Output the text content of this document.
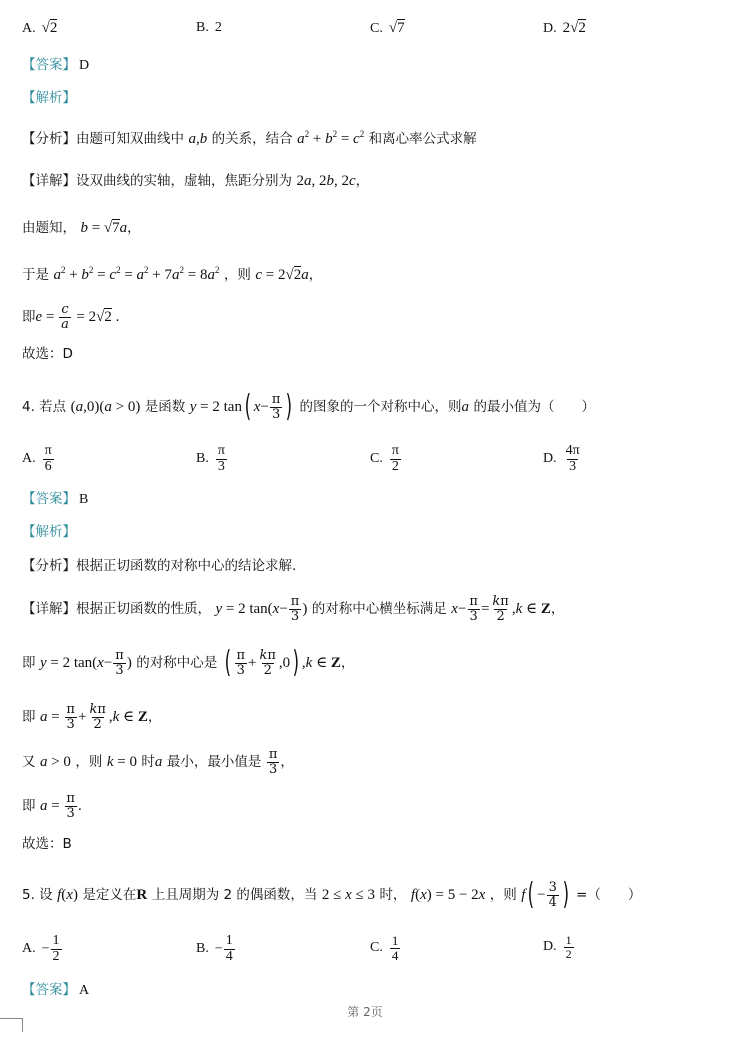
A. √2	B. 2	C. √7	D. 2√2
【答案】 D
【解析】
【分析】由题可知双曲线中 a,b 的关系，结合 $a^2 + b^2 = c^2$ 和离心率公式求解
【详解】设双曲线的实轴，虚轴，焦距分别为 2a, 2b, 2c，
由题知， b = √7a，
于是 $a^2 + b^2 = c^2 = a^2 + 7a^2 = 8a^2$ ，则 c = 2√2a，
即$e = \frac{c}{a} = 2√2$ .
故选：D
4. 若点 (a,0)(a > 0) 是函数 y = 2 tan( $x- \frac{\pi}{3}$ ) 的图象的一个对称中心，则a 的最小值为（　　）
A. $\frac{\pi}{6}$	B. $\frac{\pi}{3}$	C. $\frac{\pi}{2}$	D. $\frac{4\pi}{3}$
【答案】 B
【解析】
【分析】根据正切函数的对称中心的结论求解.
【详解】根据正切函数的性质， y = 2 $\tan(x- \frac{\pi}{3}$ ) 的对称中心横坐标满足 $x- \frac{\pi}{3} = \frac{k\pi}{2} ,k$ ∈ Z，
即 y = 2 $\tan(x- \frac{\pi}{3}$ ) 的对称中心是 ( $\frac{\pi}{3} + \frac{k\pi}{2} ,0$) ,k ∈ Z，
即 $a = \frac{\pi}{3} + \frac{k\pi}{2} ,k$ ∈ Z，
又 a > 0 ，则 k = 0 时a 最小，最小值是 $\frac{\pi}{3}$ ，
即 $a = \frac{\pi}{3}$ .
故选：B
5. 设 f(x) 是定义在R 上且周期为 2 的偶函数，当 2 ≤ x ≤ 3 时， f(x) = 5 − 2x ，则 $f( - \frac{3}{4}$ ) =（　　）
A. − $\frac{1}{2}$	B. − $\frac{1}{4}$	C. $\frac{1}{4}$	D. $\frac{1}{2}$
【答案】 A
第 2页
